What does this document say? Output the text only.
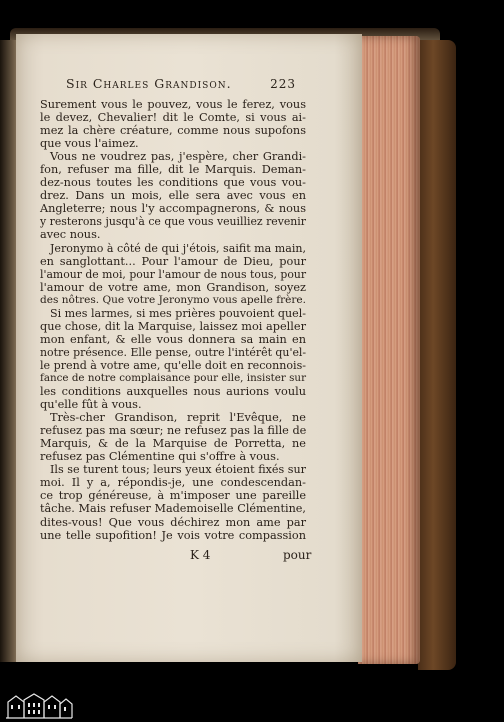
Sir Charles Grandison.	223
Surement vous le pouvez, vous le ferez, vous
le devez, Chevalier! dit le Comte, si vous ai-
mez la chère créature, comme nous supofons
que vous l'aimez.
Vous ne voudrez pas, j'espère, cher Grandi-
fon, refuser ma fille, dit le Marquis. Deman-
dez-nous toutes les conditions que vous vou-
drez. Dans un mois, elle sera avec vous en
Angleterre; nous l'y accompagnerons, & nous
y resterons jusqu'à ce que vous veuilliez revenir
avec nous.
Jeronymo à côté de qui j'étois, saifit ma main,
en sanglottant... Pour l'amour de Dieu, pour
l'amour de moi, pour l'amour de nous tous, pour
l'amour de votre ame, mon Grandison, soyez
des nôtres. Que votre Jeronymo vous apelle frère.
Si mes larmes, si mes prières pouvoient quel-
que chose, dit la Marquise, laissez moi apeller
mon enfant, & elle vous donnera sa main en
notre présence. Elle pense, outre l'intérêt qu'el-
le prend à votre ame, qu'elle doit en reconnois-
fance de notre complaisance pour elle, insister sur
les conditions auxquelles nous aurions voulu
qu'elle fût à vous.
Très-cher Grandison, reprit l'Evêque, ne
refusez pas ma sœur; ne refusez pas la fille de
Marquis, & de la Marquise de Porretta, ne
refusez pas Clémentine qui s'offre à vous.
Ils se turent tous; leurs yeux étoient fixés sur
moi. Il y a, répondis-je, une condescendan-
ce trop généreuse, à m'imposer une pareille
tâche. Mais refuser Mademoiselle Clémentine,
dites-vous! Que vous déchirez mon ame par
une telle supofition! Je vois votre compassion
K 4	pour
